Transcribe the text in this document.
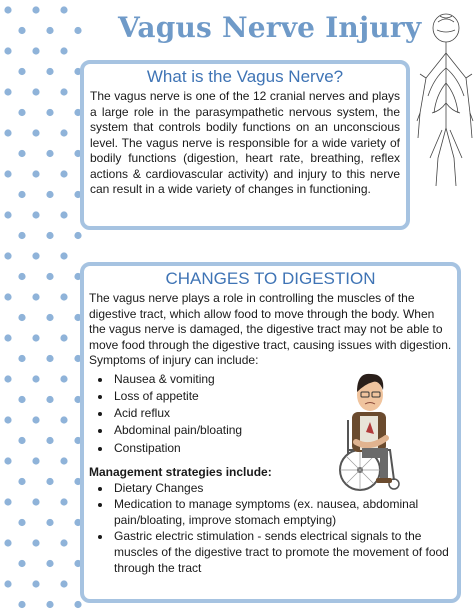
Vagus Nerve Injury
What is the Vagus Nerve?
The vagus nerve is one of the 12 cranial nerves and plays a large role in the parasympathetic nervous system, the system that controls bodily functions on an unconscious level. The vagus nerve is responsible for a wide variety of bodily functions (digestion, heart rate, breathing, reflex actions & cardiovascular activity) and injury to this nerve can result in a wide variety of changes in functioning.
CHANGES TO DIGESTION
The vagus nerve plays a role in controlling the muscles of the digestive tract, which allow food to move through the body. When the vagus nerve is damaged, the digestive tract may not be able to move food through the digestive tract, causing issues with digestion. Symptoms of injury can include:
• Nausea & vomiting
• Loss of appetite
• Acid reflux
• Abdominal pain/bloating
• Constipation
Management strategies include:
• Dietary Changes
• Medication to manage symptoms (ex. nausea, abdominal pain/bloating, improve stomach emptying)
• Gastric electric stimulation - sends electrical signals to the muscles of the digestive tract to promote the movement of food through the tract
